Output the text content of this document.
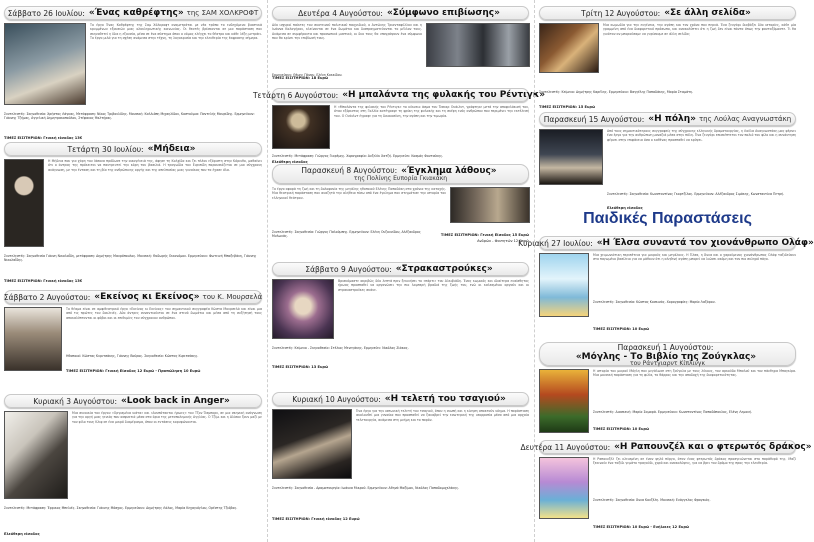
Σάββατο 26 Ιουλίου: «Ένας καθρέφτης» της ΣΑΜ ΧΟΛΚΡΟΦΤ
Το έργο Ένας Καθρέφτης της Σαμ Χόλκροφτ αναμετράται με νέα τρόπο το ενδεχόμενο βιαστικά κρυμμένων εξουσιών μιας ολοκληρωτικής κοινωνίας. Οι θεατές βρίσκονται σε μια παράσταση που σκηνοθετεί η ίδια η εξουσία, μέσα σε ένα σύστημα όπου ο νόμος ελέγχει το θέατρο και κάθε λέξη μετράει. Το έργο μιλά για τη σχέση ανάμεσα στην τέχνη, τη λογοκρισία και την ελευθερία της έκφρασης σήμερα.
Συντελεστές: Σκηνοθεσία: Χρήστος Λάγκας, Μετάφραση: Νίκος Τριβουλίδης. Μουσική: Καλλιόπη Μιχαηλίδου, Κοστούμια: Παντελής Μαυρίδης. Ερμηνεύουν: Γιάννης Τζήμας, Αγγελική Δημητρακοπούλου, Στέφανος Ψαλτήρας.
ΤΙΜΕΣ ΕΙΣΙΤΗΡΙΩΝ: Γενική είσοδος 13€
Τετάρτη 30 Ιουλίου: «Μήδεια»
Η Μήδεια που για χάρη του Ιάσονα πρόδωσε την οικογένειά της, άφησε τη Κολχίδα και ζει πλέον εξόριστη στην Κόρινθο, μαθαίνει ότι ο άντρας της πρόκειται να παντρευτεί την κόρη του βασιλιά. Η τραγωδία του Ευριπίδη παρουσιάζεται σε μια σύγχρονη ανάγνωση, με την ένταση και τη βία της ανθρώπινης οργής και της απελπισίας μιας γυναίκας που τα έχασε όλα.
Συντελεστές: Σκηνοθεσία Γιάννη Νικολαΐδη, μετάφραση: Δημήτρης Μαυρόπουλος. Μουσική: Θοδωρής Οικονόμου. Ερμηνεύουν: Φωτεινή Μπαξεβάνη, Γιάννης Νικολαΐδης.
ΤΙΜΕΣ ΕΙΣΙΤΗΡΙΩΝ: Γενική είσοδος 13€
Σάββατο 2 Αυγούστου: «Εκείνος κι Εκείνος» του Κ. Μουρσελά
Το θέαμα είναι σε αμφιθεατρικό έργο «Εκείνος κι Εκείνος» του σημαντικού συγγραφέα Κώστα Μουρσελά και είναι μια από τις πρώτες του δουλειές. Δύο άντρες συναντιούνται σε ένα στενό δωμάτιο και μέσα από τη συζήτησή τους αποκαλύπτονται οι φόβοι και οι επιθυμίες του σύγχρονου ανθρώπου.
Ηθοποιοί: Κώστας Κυριτσάκης, Γιάννης Βούρος. Σκηνοθεσία: Κώστας Κυριτσάκης.
ΤΙΜΕΣ ΕΙΣΙΤΗΡΙΩΝ: Γενική Είσοδος 12 Ευρώ - Προπώληση 10 Ευρώ
Κυριακή 3 Αυγούστου: «Look back in Anger»
Μια συνοικία του έργου «Οργισμένα νιάτα» και «Ανυπότακτοι ήρωες» του Τζον Όσμπορν, σε μια σκηνική ανάγνωση για την οργή μιας γενιάς που ασφυκτιά μέσα στα όρια της μεταπολεμικής Αγγλίας. Ο Τζίμι και η Αλίσον ζουν μαζί με τον φίλο τους Κλιφ σε ένα μικρό διαμέρισμα, όπου οι εντάσεις κορυφώνονται.
Συντελεστές: Μετάφραση: Έρρικος Μπελιές. Σκηνοθεσία: Γιάννης Μόσχος. Ερμηνεύουν: Δημήτρης Λάλος, Μαρία Κεχαγιόγλου, Ορέστης Τζιόβας.
Ελεύθερη είσοδος
Δευτέρα 4 Αυγούστου: «Σύμφωνο επιβίωσης»
Δύο ισχυροί παίκτες του σκοτεινού πολιτικού παιχνιδιού, ο Αντώνης Τριανταφύλλου και η Ιωάννα Καλογήρου, κλείνονται σε ένα δωμάτιο και διαπραγματεύονται το μέλλον τους. Ανάμεσα σε συμφέροντα και προσωπικά μυστικά, οι δυο τους θα υπογράψουν ένα σύμφωνο που θα κρίνει την επιβίωσή τους.
Ερμηνεύουν: Θέμης Πάνου, Ελένη Κοκκίδου.
ΤΙΜΕΣ ΕΙΣΙΤΗΡΙΩΝ: 18 Ευρώ
Τετάρτη 6 Αυγούστου: «Η μπαλάντα της φυλακής του Ρέντιγκ»
Η «Μπαλάντα της φυλακής του Ρέντιγκ» το κύκνειο άσμα του Όσκαρ Ουάιλντ, γράφτηκε μετά την αποφυλάκισή του, όταν εξόριστος στη Γαλλία κατέγραψε τη φρίκη της φυλακής και τη σκέψη ενός ανθρώπου που περιμένει την εκτέλεσή του. Ο Ουάιλντ έγραψε για τη δικαιοσύνη, την αγάπη και την τιμωρία.
Συντελεστές: Μετάφραση: Γιώργος Γιαρέμης. Χορογραφία: Ανζελίκ Χατζή. Ερμηνεύει: Κοσμάς Φοντούκης.
Ελεύθερη είσοδος
Παρασκευή 8 Αυγούστου: «Έγκλημα λάθους»
της Πολίνης Ευπορία Γκιακάκη
Το έργο αφορά τη ζωή και τη δολοφονία της μεγάλης ηθοποιού Ελένης Παπαδάκη στα χρόνια της κατοχής. Μια θεατρική παράσταση που αναζητά την αλήθεια πίσω από ένα έγκλημα που στιγμάτισε την ιστορία του ελληνικού θεάτρου.
Συντελεστές: Σκηνοθεσία: Γιώργος Παλούμπης. Ερμηνεύουν: Ελένη Ουζουνίδου, Αλέξανδρος Μυλωνάς.	ΤΙΜΕΣ ΕΙΣΙΤΗΡΙΩΝ: Γενική Είσοδος 15 Ευρώ
Ανδρών - Φοιτητών 12 Ευρώ
Σάββατο 9 Αυγούστου: «Στρακαστρούκες»
Βρισκόμαστε ακριβώς δύο λεπτά πριν ξεκινήσει το «πάρτι» του Αλκιβιάδη. Ένας κωμικός και ιδιαίτερα ευαίσθητος ήρωας προσπαθεί να οργανώσει την πιο λαμπερή βραδιά της ζωής του, ενώ οι καλεσμένοι αργούν και οι στρακαστρούκες σκάνε.
Συντελεστές: Κείμενο - Σκηνοθεσία: Στέλιος Μενεγάκης. Ερμηνεύει: Νικόλας Ζιάκας.
ΤΙΜΕΣ ΕΙΣΙΤΗΡΙΩΝ: 13 Ευρώ
Κυριακή 10 Αυγούστου: «Η τελετή του τσαγιού»
Ένα έργο για την ιαπωνική τελετή του τσαγιού, όπου η σιωπή και η κίνηση αποκτούν νόημα. Η παράσταση ακολουθεί μια γυναίκα που προσπαθεί να ξαναβρεί την εσωτερική της ισορροπία μέσα από μια αρχαία τελετουργία, ανάμεσα στη μνήμη και το παρόν.
Συντελεστές: Σκηνοθεσία - Δραματουργία: Ιωάννα Μικρού. Ερμηνεύουν: Αθηνά Μαξίμου, Νικόλας Παπαδομιχελάκης.
ΤΙΜΕΣ ΕΙΣΙΤΗΡΙΩΝ: Γενική είσοδος 12 Ευρώ
Τρίτη 12 Αυγούστου: «Σε άλλη σελίδα»
Μια κωμωδία για την ευγένεια, την αγάπη και τον χρόνο που περνά. Ένα ζευγάρι διαβάζει δύο ιστορίες, κάθε μία γραμμένη από ένα διαφορετικό πρόσωπο, και ανακαλύπτει ότι η ζωή δεν είναι πάντα όπως την φανταζόμαστε. Τι θα γινόταν αν μπορούσαμε να γυρίσουμε σε άλλη σελίδα;
Συντελεστές: Κείμενο: Δημήτρης Καρέλης. Ερμηνεύουν: Βαγγέλης Παπαδάκης, Μαρία Σταμάτη.
ΤΙΜΕΣ ΕΙΣΙΤΗΡΙΩΝ: 15 Ευρώ
Παρασκευή 15 Αυγούστου: «Η πόλη» της Λούλας Αναγνωστάκη
Από τους σημαντικότερους συγγραφείς της σύγχρονης ελληνικής δραματουργίας, η Λούλα Αναγνωστάκη μας φέρνει ένα έργο για την ανθρώπινη μοναξιά μέσα στην πόλη. Ένα ζευγάρι επισκέπτεται τον παλιό του φίλο και η συνάντηση φέρνει στην επιφάνεια όσα ο καθένας προσπαθεί να κρύψει.
Συντελεστές: Σκηνοθεσία: Κωνσταντίνος Γκορτζίλας. Ερμηνεύουν: Αλέξανδρος Σιμάκης, Κωνσταντίνα Πετρή.
Ελεύθερη είσοδος
Παιδικές Παραστάσεις
Κυριακή 27 Ιουλίου: «Η Έλσα συναντά τον χιονάνθρωπο Ολάφ»
Μια χειμωνιάτικη περιπέτεια για μικρούς και μεγάλους. Η Έλσα, η Άννα και ο χαρούμενος χιονάνθρωπος Ολάφ ταξιδεύουν στο παγωμένο βασίλειο για να μάθουν ότι η αληθινή αγάπη μπορεί να λιώσει ακόμη και τον πιο σκληρό πάγο.
Συντελεστές: Σκηνοθεσία: Κώστας Κοσκινάς. Χορογραφίες: Μαρία Λαζάρου.
ΤΙΜΕΣ ΕΙΣΙΤΗΡΙΩΝ: 10 Ευρώ
Παρασκευή 1 Αυγούστου:
«Μόγλης - Το Βιβλίο της Ζούγκλας»
του Ράντγιαρντ Κίπλινγκ
Η ιστορία του μικρού Μόγλη που μεγάλωσε στη ζούγκλα με τους λύκους, τον αρκούδο Μπαλού και τον πάνθηρα Μπαγκίρα. Μια μουσική παράσταση για τη φιλία, το θάρρος και την αποδοχή της διαφορετικότητας.
Συντελεστές: Διασκευή: Μαρία Σαμαρά. Ερμηνεύουν: Κωνσταντίνος Παπαδόπουλος, Ελένη Λεμονή.
ΤΙΜΕΣ ΕΙΣΙΤΗΡΙΩΝ: 10 Ευρώ
Δευτέρα 11 Αυγούστου: «Η Ραπουνζέλ και ο φτερωτός δράκος»
Η Ραπουνζέλ ζει κλεισμένη σε έναν ψηλό πύργο, όταν ένας φτερωτός δράκος προσγειώνεται στο παράθυρό της. Μαζί ξεκινούν ένα ταξίδι γεμάτο τραγούδι, χορό και ανακαλύψεις, για να βρει τον δρόμο της προς την ελευθερία.
Συντελεστές: Σκηνοθεσία: Άννα Κουζέλη. Μουσική: Ευάγγελος Φραγκιάς.
ΤΙΜΕΣ ΕΙΣΙΤΗΡΙΩΝ: 10 Ευρώ - Ενήλικες 12 Ευρώ
